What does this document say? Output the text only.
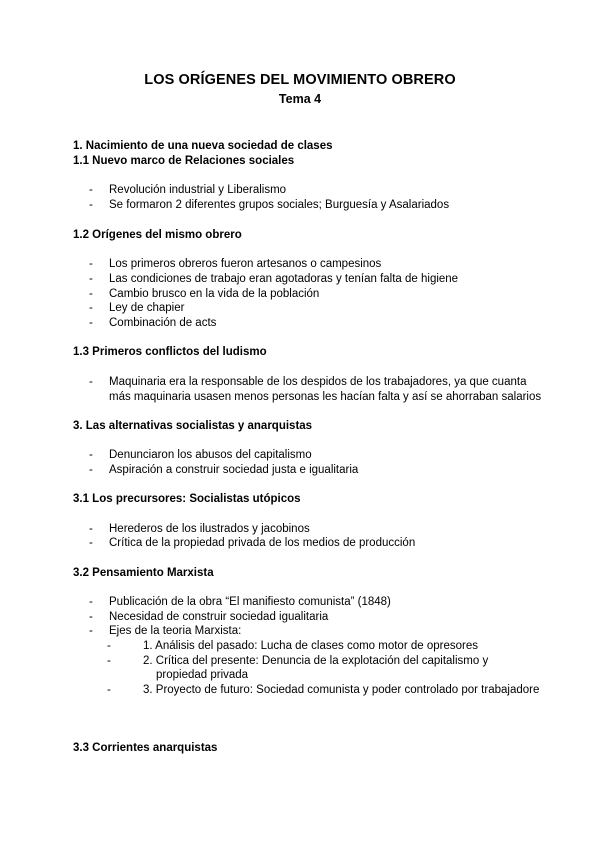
LOS ORÍGENES DEL MOVIMIENTO OBRERO
Tema 4
1. Nacimiento de una nueva sociedad de clases
1.1 Nuevo marco de Relaciones sociales
- Revolución industrial y Liberalismo
- Se formaron 2 diferentes grupos sociales; Burguesía y Asalariados
1.2 Orígenes del mismo obrero
- Los primeros obreros fueron artesanos o campesinos
- Las condiciones de trabajo eran agotadoras y tenían falta de higiene
- Cambio brusco en la vida de la población
- Ley de chapier
- Combinación de acts
1.3 Primeros conflictos del ludismo
- Maquinaria era la responsable de los despidos de los trabajadores, ya que cuanta
más maquinaria usasen menos personas les hacían falta y así se ahorraban salarios
3. Las alternativas socialistas y anarquistas
- Denunciaron los abusos del capitalismo
- Aspiración a construir sociedad justa e igualitaria
3.1 Los precursores: Socialistas utópicos
- Herederos de los ilustrados y jacobinos
- Crítica de la propiedad privada de los medios de producción
3.2 Pensamiento Marxista
- Publicación de la obra “El manifiesto comunista” (1848)
- Necesidad de construir sociedad igualitaria
- Ejes de la teoria Marxista:
-	1. Análisis del pasado: Lucha de clases como motor de opresores
-	2. Crítica del presente: Denuncia de la explotación del capitalismo y
propiedad privada
-	3. Proyecto de futuro: Sociedad comunista y poder controlado por trabajadore
3.3 Corrientes anarquistas
